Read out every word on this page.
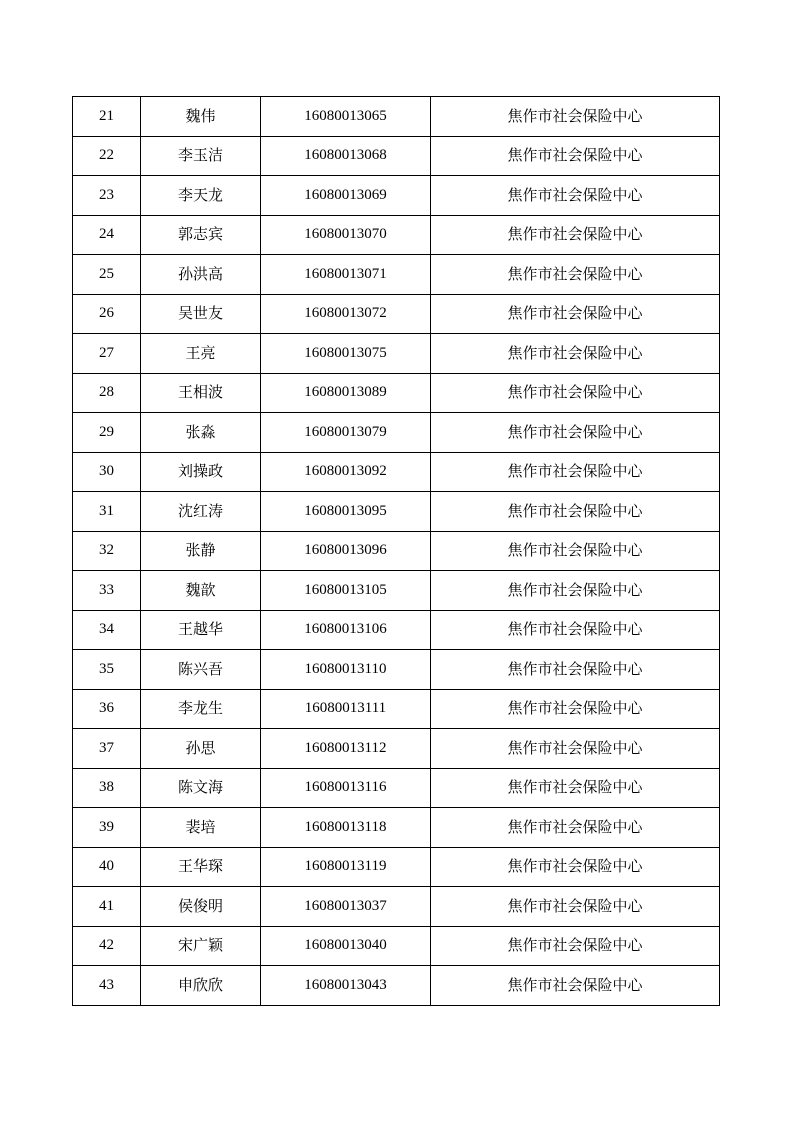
21	魏伟	16080013065	焦作市社会保险中心
22	李玉洁	16080013068	焦作市社会保险中心
23	李天龙	16080013069	焦作市社会保险中心
24	郭志宾	16080013070	焦作市社会保险中心
25	孙洪高	16080013071	焦作市社会保险中心
26	吴世友	16080013072	焦作市社会保险中心
27	王亮	16080013075	焦作市社会保险中心
28	王相波	16080013089	焦作市社会保险中心
29	张淼	16080013079	焦作市社会保险中心
30	刘操政	16080013092	焦作市社会保险中心
31	沈红涛	16080013095	焦作市社会保险中心
32	张静	16080013096	焦作市社会保险中心
33	魏歆	16080013105	焦作市社会保险中心
34	王越华	16080013106	焦作市社会保险中心
35	陈兴吾	16080013110	焦作市社会保险中心
36	李龙生	16080013111	焦作市社会保险中心
37	孙思	16080013112	焦作市社会保险中心
38	陈文海	16080013116	焦作市社会保险中心
39	裴培	16080013118	焦作市社会保险中心
40	王华琛	16080013119	焦作市社会保险中心
41	侯俊明	16080013037	焦作市社会保险中心
42	宋广颖	16080013040	焦作市社会保险中心
43	申欣欣	16080013043	焦作市社会保险中心
